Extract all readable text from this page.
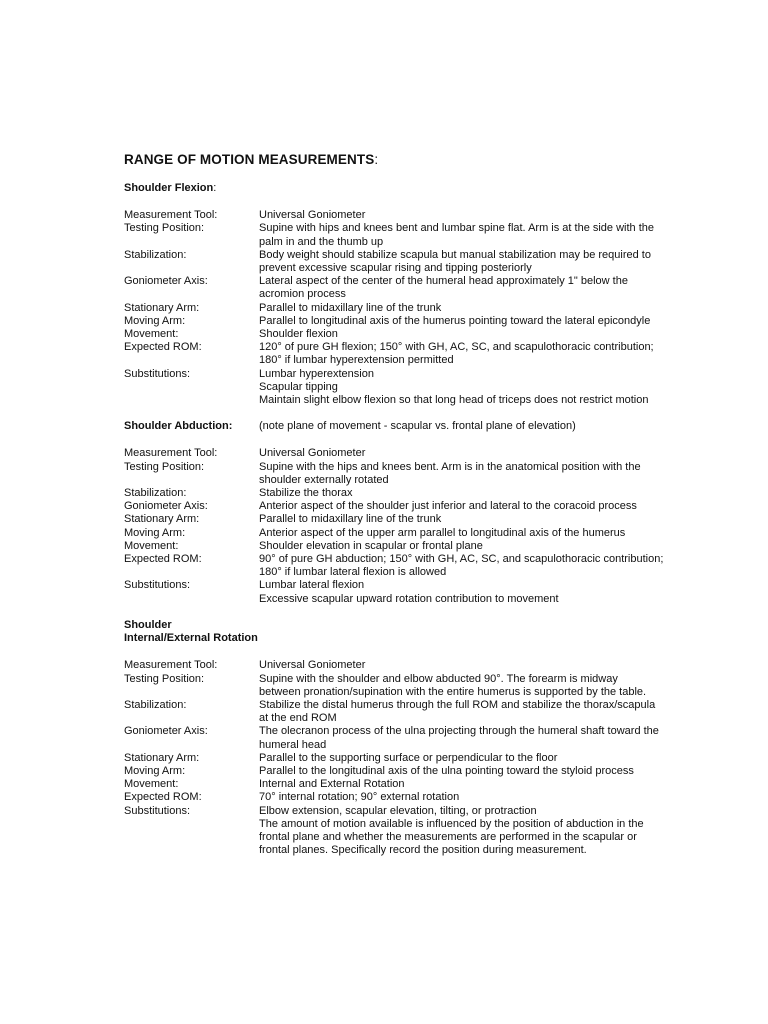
RANGE OF MOTION MEASUREMENTS:
Shoulder Flexion:
Measurement Tool:	Universal Goniometer
Testing Position:	Supine with hips and knees bent and lumbar spine flat. Arm is at the side with the
palm in and the thumb up
Stabilization:	Body weight should stabilize scapula but manual stabilization may be required to
prevent excessive scapular rising and tipping posteriorly
Goniometer Axis:	Lateral aspect of the center of the humeral head approximately 1" below the
acromion process
Stationary Arm:	Parallel to midaxillary line of the trunk
Moving Arm:	Parallel to longitudinal axis of the humerus pointing toward the lateral epicondyle
Movement:	Shoulder flexion
Expected ROM:	120° of pure GH flexion; 150° with GH, AC, SC, and scapulothoracic contribution;
180° if lumbar hyperextension permitted
Substitutions:	Lumbar hyperextension
Scapular tipping
Maintain slight elbow flexion so that long head of triceps does not restrict motion
Shoulder Abduction:	(note plane of movement - scapular vs. frontal plane of elevation)
Measurement Tool:	Universal Goniometer
Testing Position:	Supine with the hips and knees bent. Arm is in the anatomical position with the
shoulder externally rotated
Stabilization:	Stabilize the thorax
Goniometer Axis:	Anterior aspect of the shoulder just inferior and lateral to the coracoid process
Stationary Arm:	Parallel to midaxillary line of the trunk
Moving Arm:	Anterior aspect of the upper arm parallel to longitudinal axis of the humerus
Movement:	Shoulder elevation in scapular or frontal plane
Expected ROM:	90° of pure GH abduction; 150° with GH, AC, SC, and scapulothoracic contribution;
180° if lumbar lateral flexion is allowed
Substitutions:	Lumbar lateral flexion
Excessive scapular upward rotation contribution to movement
Shoulder Internal/External Rotation
Measurement Tool:	Universal Goniometer
Testing Position:	Supine with the shoulder and elbow abducted 90°. The forearm is midway
between pronation/supination with the entire humerus is supported by the table.
Stabilization:	Stabilize the distal humerus through the full ROM and stabilize the thorax/scapula
at the end ROM
Goniometer Axis:	The olecranon process of the ulna projecting through the humeral shaft toward the
humeral head
Stationary Arm:	Parallel to the supporting surface or perpendicular to the floor
Moving Arm:	Parallel to the longitudinal axis of the ulna pointing toward the styloid process
Movement:	Internal and External Rotation
Expected ROM:	70° internal rotation; 90° external rotation
Substitutions:	Elbow extension, scapular elevation, tilting, or protraction
The amount of motion available is influenced by the position of abduction in the
frontal plane and whether the measurements are performed in the scapular or
frontal planes. Specifically record the position during measurement.
